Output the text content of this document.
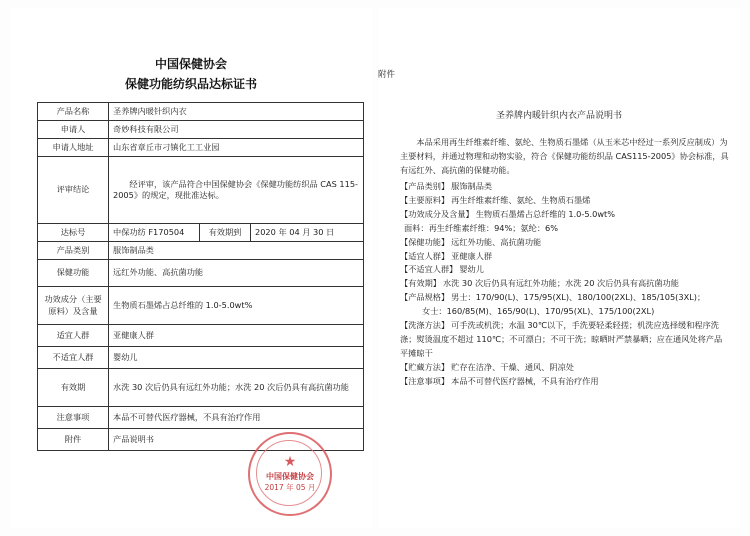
中国保健协会
保健功能纺织品达标证书
产品名称	圣养牌内暖针织内衣		
申请人	奇妙科技有限公司		
申请人地址	山东省章丘市刁镇化工工业园		
评审结论	经评审，该产品符合中国保健协会《保健功能纺织品 CAS 115-2005》的规定，现批准达标。		
达标号	中保功纺 F170504	有效期到	2020 年 04 月 30 日
产品类别	服饰制品类		
保健功能	远红外功能、高抗菌功能		
功效成分（主要原料）及含量	生物质石墨烯占总纤维的 1.0-5.0wt%		
适宜人群	亚健康人群		
不适宜人群	婴幼儿		
有效期	水洗 30 次后仍具有远红外功能；水洗 20 次后仍具有高抗菌功能		
注意事项	本品不可替代医疗器械，不具有治疗作用		
附件	产品说明书		
★
中国保健协会
2017 年 05 月
附件
圣养牌内暖针织内衣产品说明书

本品采用再生纤维素纤维、氨纶、生物质石墨烯（从玉米芯中经过一系列反应制成）为主要材料，并通过物理和动物实验，符合《保健功能纺织品 CAS115-2005》协会标准，具有远红外、高抗菌的保健功能。

【产品类别】 服饰制品类

【主要原料】 再生纤维素纤维、氨纶、生物质石墨烯

【功效成分及含量】 生物质石墨烯占总纤维的 1.0-5.0wt%

面料：再生纤维素纤维：94%；氨纶：6%

【保健功能】 远红外功能、高抗菌功能

【适宜人群】 亚健康人群

【不适宜人群】 婴幼儿

【有效期】 水洗 30 次后仍具有远红外功能；水洗 20 次后仍具有高抗菌功能

【产品规格】 男士：170/90(L)、175/95(XL)、180/100(2XL)、185/105(3XL)；

女士：160/85(M)、165/90(L)、170/95(XL)、175/100(2XL)

【洗涤方法】 可手洗或机洗；水温 30℃以下，手洗要轻柔轻搓；机洗应选择缓和程序洗涤；熨烫温度不超过 110℃；不可漂白；不可干洗；晾晒时严禁暴晒；应在通风处将产品平摊晾干

【贮藏方法】 贮存在洁净、干燥、通风、阴凉处

【注意事项】 本品不可替代医疗器械，不具有治疗作用
